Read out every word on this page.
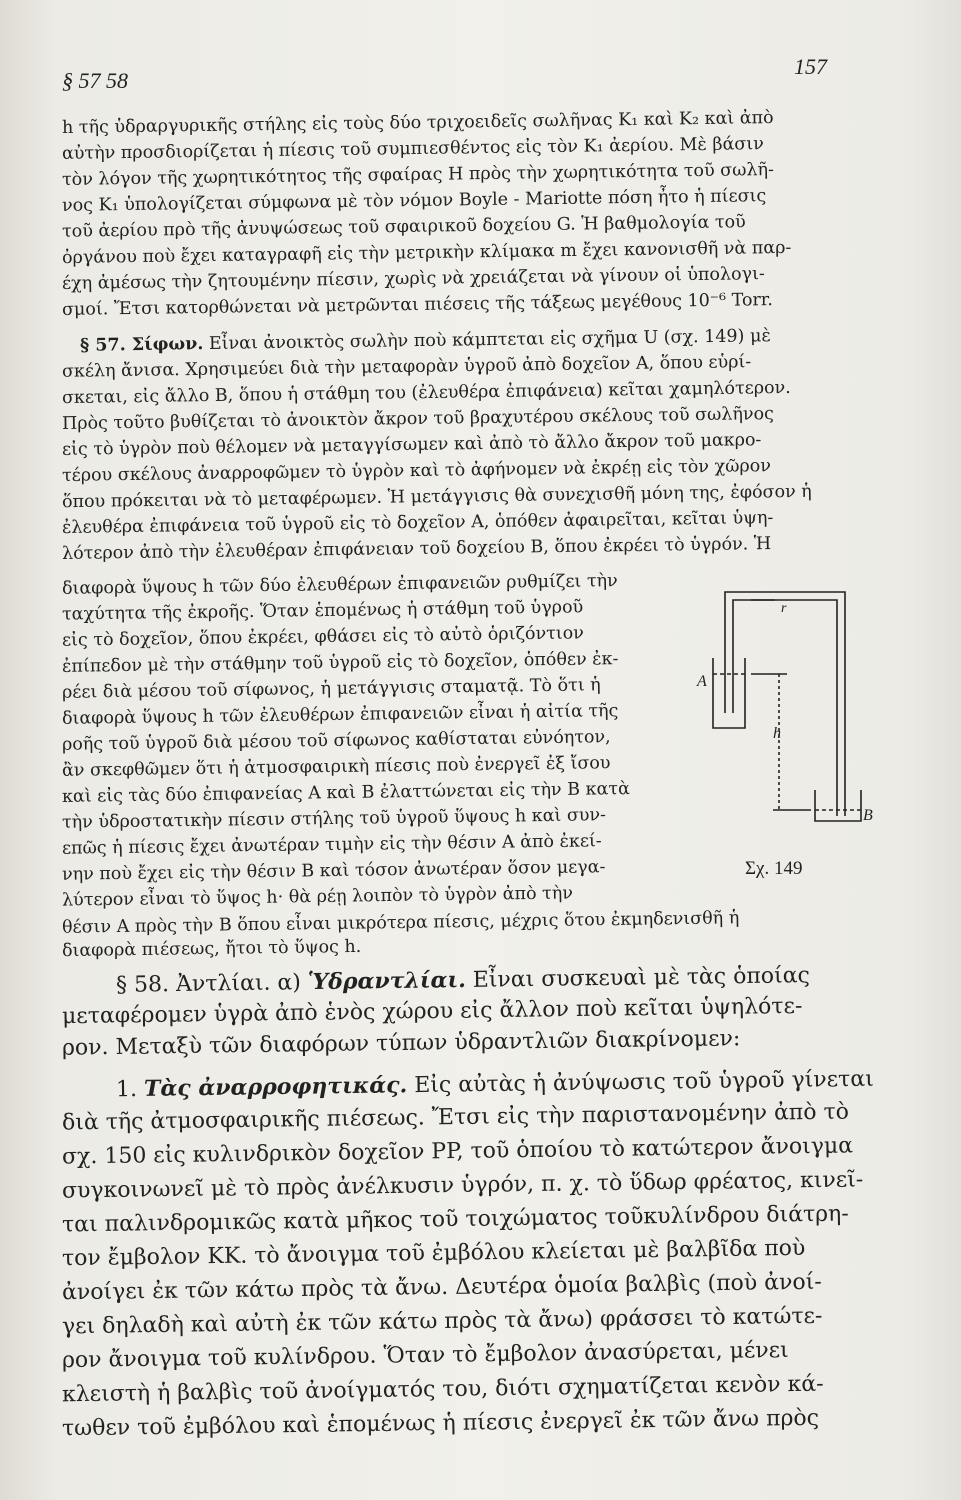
§ 57 58
157
h τῆς ὑδραργυρικῆς στήλης εἰς τοὺς δύο τριχοειδεῖς σωλῆνας K₁ καὶ K₂ καὶ ἀπὸ
αὐτὴν προσδιορίζεται ἡ πίεσις τοῦ συμπιεσθέντος εἰς τὸν K₁ ἀερίου. Μὲ βάσιν
τὸν λόγον τῆς χωρητικότητος τῆς σφαίρας H πρὸς τὴν χωρητικότητα τοῦ σωλῆ-
νος K₁ ὑπολογίζεται σύμφωνα μὲ τὸν νόμον Boyle - Mariotte πόση ἦτο ἡ πίεσις
τοῦ ἀερίου πρὸ τῆς ἀνυψώσεως τοῦ σφαιρικοῦ δοχείου G. Ἡ βαθμολογία τοῦ
ὀργάνου ποὺ ἔχει καταγραφῆ εἰς τὴν μετρικὴν κλίμακα m ἔχει κανονισθῆ νὰ παρ-
έχη ἀμέσως τὴν ζητουμένην πίεσιν, χωρὶς νὰ χρειάζεται νὰ γίνουν οἱ ὑπολογι-
σμοί. Ἔτσι κατορθώνεται νὰ μετρῶνται πιέσεις τῆς τάξεως μεγέθους 10⁻⁶ Torr.
§ 57. Σίφων. Εἶναι ἀνοικτὸς σωλὴν ποὺ κάμπτεται εἰς σχῆμα U (σχ. 149) μὲ
σκέλη ἄνισα. Χρησιμεύει διὰ τὴν μεταφορὰν ὑγροῦ ἀπὸ δοχεῖον A, ὅπου εὑρί-
σκεται, εἰς ἄλλο B, ὅπου ἡ στάθμη του (ἐλευθέρα ἐπιφάνεια) κεῖται χαμηλότερον.
Πρὸς τοῦτο βυθίζεται τὸ ἀνοικτὸν ἄκρον τοῦ βραχυτέρου σκέλους τοῦ σωλῆνος
εἰς τὸ ὑγρὸν ποὺ θέλομεν νὰ μεταγγίσωμεν καὶ ἀπὸ τὸ ἄλλο ἄκρον τοῦ μακρο-
τέρου σκέλους ἀναρροφῶμεν τὸ ὑγρὸν καὶ τὸ ἀφήνομεν νὰ ἐκρέῃ εἰς τὸν χῶρον
ὅπου πρόκειται νὰ τὸ μεταφέρωμεν. Ἡ μετάγγισις θὰ συνεχισθῆ μόνη της, ἐφόσον ἡ
ἐλευθέρα ἐπιφάνεια τοῦ ὑγροῦ εἰς τὸ δοχεῖον A, ὁπόθεν ἀφαιρεῖται, κεῖται ὑψη-
λότερον ἀπὸ τὴν ἐλευθέραν ἐπιφάνειαν τοῦ δοχείου B, ὅπου ἐκρέει τὸ ὑγρόν. Ἡ
διαφορὰ ὕψους h τῶν δύο ἐλευθέρων ἐπιφανειῶν ρυθμίζει τὴν
ταχύτητα τῆς ἐκροῆς. Ὅταν ἑπομένως ἡ στάθμη τοῦ ὑγροῦ
εἰς τὸ δοχεῖον, ὅπου ἐκρέει, φθάσει εἰς τὸ αὐτὸ ὁριζόντιον
ἐπίπεδον μὲ τὴν στάθμην τοῦ ὑγροῦ εἰς τὸ δοχεῖον, ὁπόθεν ἐκ-
ρέει διὰ μέσου τοῦ σίφωνος, ἡ μετάγγισις σταματᾷ. Τὸ ὅτι ἡ
διαφορὰ ὕψους h τῶν ἐλευθέρων ἐπιφανειῶν εἶναι ἡ αἰτία τῆς
ροῆς τοῦ ὑγροῦ διὰ μέσου τοῦ σίφωνος καθίσταται εὐνόητον,
ἂν σκεφθῶμεν ὅτι ἡ ἀτμοσφαιρικὴ πίεσις ποὺ ἐνεργεῖ ἐξ ἴσου
καὶ εἰς τὰς δύο ἐπιφανείας A καὶ B ἐλαττώνεται εἰς τὴν B κατὰ
τὴν ὑδροστατικὴν πίεσιν στήλης τοῦ ὑγροῦ ὕψους h καὶ συν-
επῶς ἡ πίεσις ἔχει ἀνωτέραν τιμὴν εἰς τὴν θέσιν A ἀπὸ ἐκεί-
νην ποὺ ἔχει εἰς τὴν θέσιν B καὶ τόσον ἀνωτέραν ὅσον μεγα-
λύτερον εἶναι τὸ ὕψος h· θὰ ρέῃ λοιπὸν τὸ ὑγρὸν ἀπὸ τὴν
θέσιν A πρὸς τὴν B ὅπου εἶναι μικρότερα πίεσις, μέχρις ὅτου ἐκμηδενισθῆ ἡ
διαφορὰ πιέσεως, ἤτοι τὸ ὕψος h.
A
B
h
r
Σχ. 149
§ 58. Ἀντλίαι. α) Ὑδραντλίαι. Εἶναι συσκευαὶ μὲ τὰς ὁποίας
μεταφέρομεν ὑγρὰ ἀπὸ ἑνὸς χώρου εἰς ἄλλον ποὺ κεῖται ὑψηλότε-
ρον. Μεταξὺ τῶν διαφόρων τύπων ὑδραντλιῶν διακρίνομεν:
1. Τὰς ἀναρροφητικάς. Εἰς αὐτὰς ἡ ἀνύψωσις τοῦ ὑγροῦ γίνεται
διὰ τῆς ἀτμοσφαιρικῆς πιέσεως. Ἔτσι εἰς τὴν παριστανομένην ἀπὸ τὸ
σχ. 150 εἰς κυλινδρικὸν δοχεῖον PP, τοῦ ὁποίου τὸ κατώτερον ἄνοιγμα
συγκοινωνεῖ μὲ τὸ πρὸς ἀνέλκυσιν ὑγρόν, π. χ. τὸ ὕδωρ φρέατος, κινεῖ-
ται παλινδρομικῶς κατὰ μῆκος τοῦ τοιχώματος τοῦκυλίνδρου διάτρη-
τον ἔμβολον KK. τὸ ἄνοιγμα τοῦ ἐμβόλου κλείεται μὲ βαλβῖδα ποὺ
ἀνοίγει ἐκ τῶν κάτω πρὸς τὰ ἄνω. Δευτέρα ὁμοία βαλβὶς (ποὺ ἀνοί-
γει δηλαδὴ καὶ αὐτὴ ἐκ τῶν κάτω πρὸς τὰ ἄνω) φράσσει τὸ κατώτε-
ρον ἄνοιγμα τοῦ κυλίνδρου. Ὅταν τὸ ἔμβολον ἀνασύρεται, μένει
κλειστὴ ἡ βαλβὶς τοῦ ἀνοίγματός του, διότι σχηματίζεται κενὸν κά-
τωθεν τοῦ ἐμβόλου καὶ ἑπομένως ἡ πίεσις ἐνεργεῖ ἐκ τῶν ἄνω πρὸς
